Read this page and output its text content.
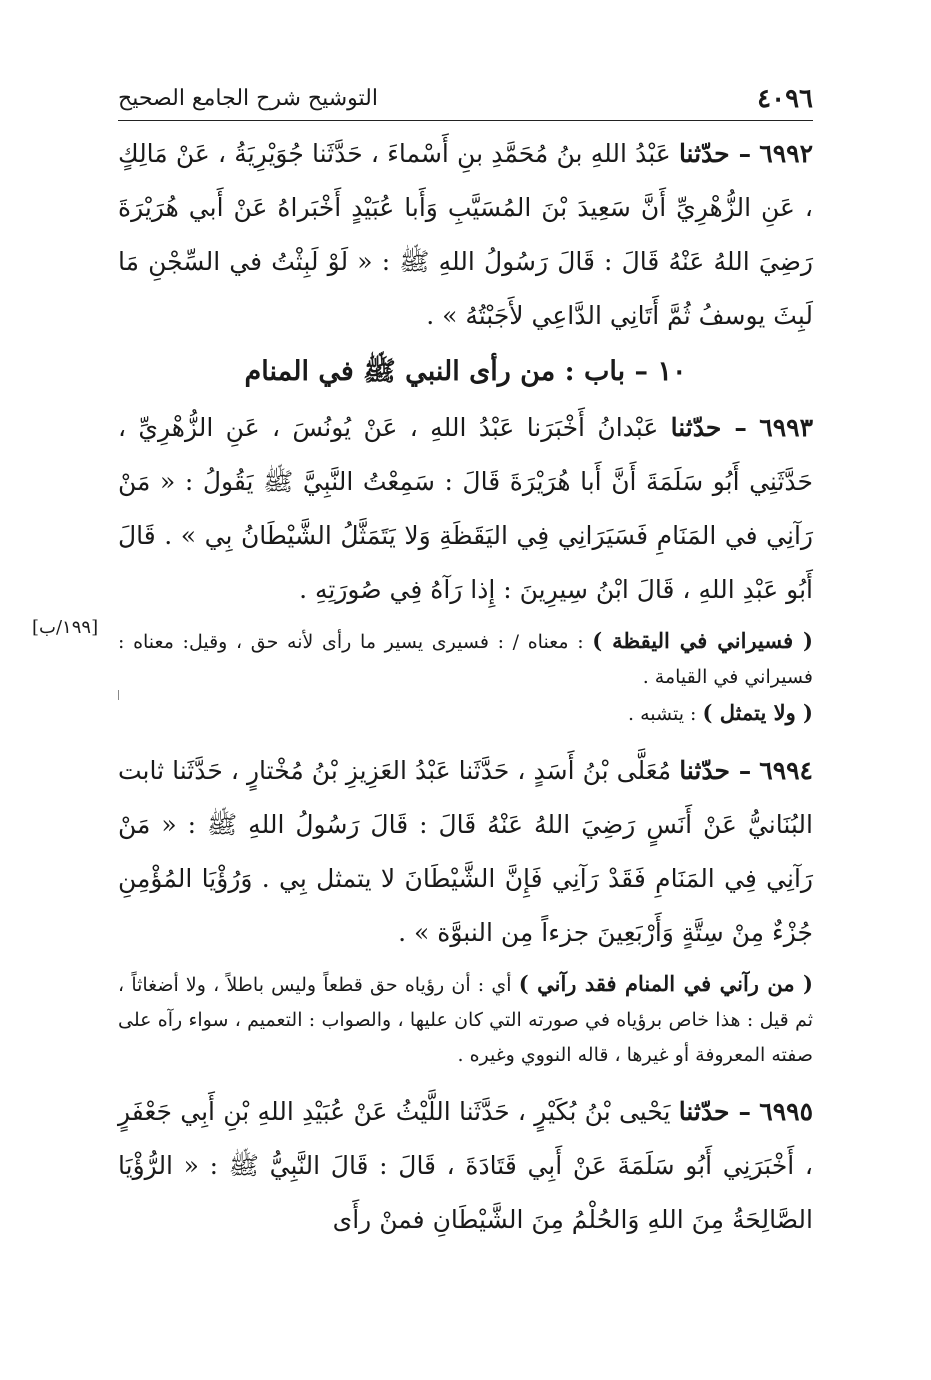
[١٩٩/ب]
٤٠٩٦
التوشيح شرح الجامع الصحيح

٦٩٩٢ – حدّثنا عَبْدُ اللهِ بنُ مُحَمَّدِ بنِ أَسْماءَ ، حَدَّثَنا جُوَيْرِيَةُ ، عَنْ مَالِكٍ ، عَنِ الزُّهْرِيِّ أَنَّ سَعِيدَ بْنَ المُسَيَّبِ وَأَبا عُبَيْدٍ أَخْبَراهُ عَنْ أَبي هُرَيْرَةَ رَضِيَ اللهُ عَنْهُ قَالَ : قَالَ رَسُولُ اللهِ ﷺ : « لَوْ لَبِثْتُ في السِّجْنِ مَا لَبِثَ يوسفُ ثُمَّ أَتَانِي الدَّاعِي لأَجَبْتُهُ » .

١٠ – باب : من رأى النبي ﷺ في المنام

٦٩٩٣ – حدّثنا عَبْدانُ أَخْبَرَنا عَبْدُ اللهِ ، عَنْ يُونُسَ ، عَنِ الزُّهْرِيِّ ، حَدَّثَنِي أَبُو سَلَمَةَ أَنَّ أَبا هُرَيْرَةَ قَالَ : سَمِعْتُ النَّبِيَّ ﷺ يَقُولُ : « مَنْ رَآنِي في المَنَامِ فَسَيَرَانِي فِي اليَقَظَةِ وَلا يَتَمَثَّلُ الشَّيْطَانُ بِي » . قَالَ أَبُو عَبْدِ اللهِ ، قَالَ ابْنُ سِيرِينَ : إِذا رَآهُ فِي صُورَتِهِ .

( فسيراني في اليقظة ) : معناه / : فسيرى يسير ما رأى لأنه حق ، وقيل: معناه : فسيراني في القيامة .

( ولا يتمثل ) : يتشبه .

٦٩٩٤ – حدّثنا مُعَلَّى بْنُ أَسَدٍ ، حَدَّثَنا عَبْدُ العَزِيزِ بْنُ مُخْتارٍ ، حَدَّثَنا ثابت البُنَانيُّ عَنْ أَنَسٍ رَضِيَ اللهُ عَنْهُ قَالَ : قَالَ رَسُولُ اللهِ ﷺ : « مَنْ رَآنِي فِي المَنَامِ فَقَدْ رَآنِي فَإِنَّ الشَّيْطَانَ لا يتمثل بِي . وَرُؤْيَا المُؤْمِنِ جُزْءٌ مِنْ سِتَّةٍ وَأَرْبَعِينَ جزءاً مِن النبوَّة » .

( من رآني في المنام فقد رآني ) أي : أن رؤياه حق قطعاً وليس باطلاً ، ولا أضغاثاً ، ثم قيل : هذا خاص برؤياه في صورته التي كان عليها ، والصواب : التعميم ، سواء رآه على صفته المعروفة أو غيرها ، قاله النووي وغيره .

٦٩٩٥ – حدّثنا يَحْيى بْنُ بُكَيْرٍ ، حَدَّثَنا اللَّيْثُ عَنْ عُبَيْدِ اللهِ بْنِ أَبِي جَعْفَرٍ ، أَخْبَرَنِي أَبُو سَلَمَةَ عَنْ أَبِي قَتَادَةَ ، قَالَ : قَالَ النَّبِيُّ ﷺ : « الرُّؤْيَا الصَّالِحَةُ مِنَ اللهِ وَالحُلْمُ مِنَ الشَّيْطَانِ فمنْ رأَى
